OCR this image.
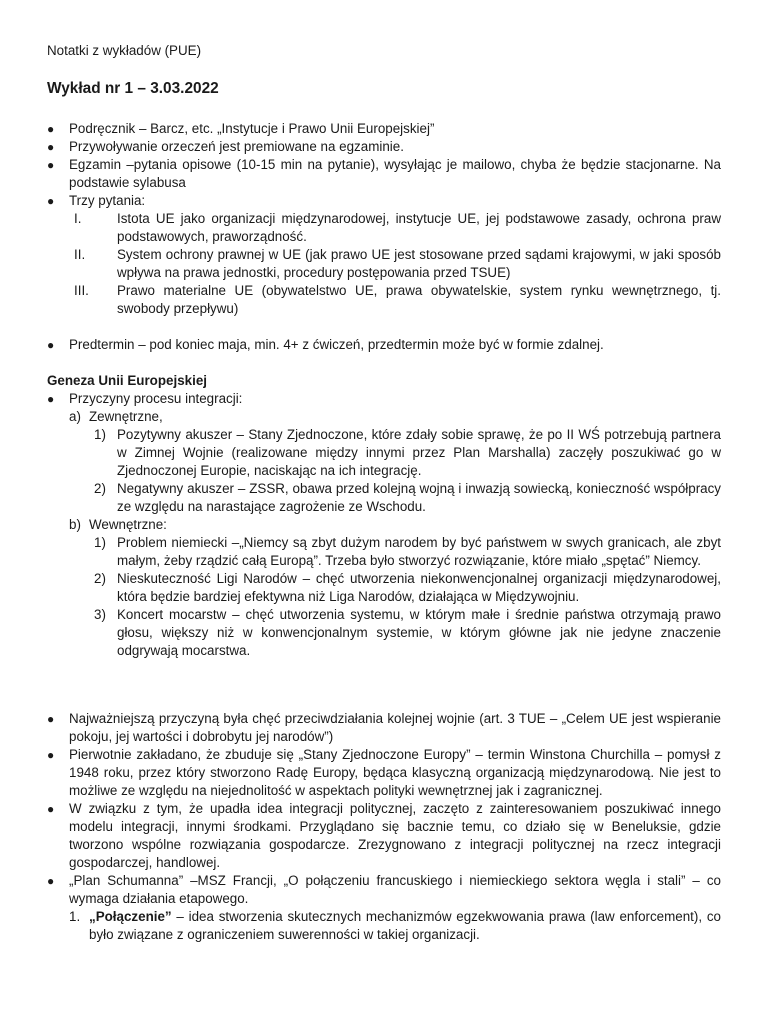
Notatki z wykładów (PUE)
Wykład nr 1 – 3.03.2022
● Podręcznik – Barcz, etc. „Instytucje i Prawo Unii Europejskiej”
● Przywoływanie orzeczeń jest premiowane na egzaminie.
● Egzamin –pytania opisowe (10-15 min na pytanie), wysyłając je mailowo, chyba że będzie stacjonarne. Na podstawie sylabusa
● Trzy pytania:
I.	Istota UE jako organizacji międzynarodowej, instytucje UE, jej podstawowe zasady, ochrona praw podstawowych, praworządność.
II. System ochrony prawnej w UE (jak prawo UE jest stosowane przed sądami krajowymi, w jaki sposób wpływa na prawa jednostki, procedury postępowania przed TSUE)
III. Prawo materialne UE (obywatelstwo UE, prawa obywatelskie, system rynku wewnętrznego, tj. swobody przepływu)
● Predtermin – pod koniec maja, min. 4+ z ćwiczeń, przedtermin może być w formie zdalnej.
Geneza Unii Europejskiej
● Przyczyny procesu integracji:
a) Zewnętrzne,
1) Pozytywny akuszer – Stany Zjednoczone, które zdały sobie sprawę, że po II WŚ potrzebują partnera w Zimnej Wojnie (realizowane między innymi przez Plan Marshalla) zaczęły poszukiwać go w Zjednoczonej Europie, naciskając na ich integrację.
2) Negatywny akuszer – ZSSR, obawa przed kolejną wojną i inwazją sowiecką, konieczność współpracy ze względu na narastające zagrożenie ze Wschodu.
b) Wewnętrzne:
1) Problem niemiecki –„Niemcy są zbyt dużym narodem by być państwem w swych granicach, ale zbyt małym, żeby rządzić całą Europą”. Trzeba było stworzyć rozwiązanie, które miało „spętać” Niemcy.
2) Nieskuteczność Ligi Narodów – chęć utworzenia niekonwencjonalnej organizacji międzynarodowej, która będzie bardziej efektywna niż Liga Narodów, działająca w Międzywojniu.
3) Koncert mocarstw – chęć utworzenia systemu, w którym małe i średnie państwa otrzymają prawo głosu, większy niż w konwencjonalnym systemie, w którym główne jak nie jedyne znaczenie odgrywają mocarstwa.
● Najważniejszą przyczyną była chęć przeciwdziałania kolejnej wojnie (art. 3 TUE – „Celem UE jest wspieranie pokoju, jej wartości i dobrobytu jej narodów”)
● Pierwotnie zakładano, że zbuduje się „Stany Zjednoczone Europy” – termin Winstona Churchilla – pomysł z 1948 roku, przez który stworzono Radę Europy, będąca klasyczną organizacją międzynarodową. Nie jest to możliwe ze względu na niejednolitość w aspektach polityki wewnętrznej jak i zagranicznej.
● W związku z tym, że upadła idea integracji politycznej, zaczęto z zainteresowaniem poszukiwać innego modelu integracji, innymi środkami. Przyglądano się bacznie temu, co działo się w Beneluksie, gdzie tworzono wspólne rozwiązania gospodarcze. Zrezygnowano z integracji politycznej na rzecz integracji gospodarczej, handlowej.
● „Plan Schumanna” –MSZ Francji, „O połączeniu francuskiego i niemieckiego sektora węgla i stali” – co wymaga działania etapowego.
1. „Połączenie” – idea stworzenia skutecznych mechanizmów egzekwowania prawa (law enforcement), co było związane z ograniczeniem suwerenności w takiej organizacji.
